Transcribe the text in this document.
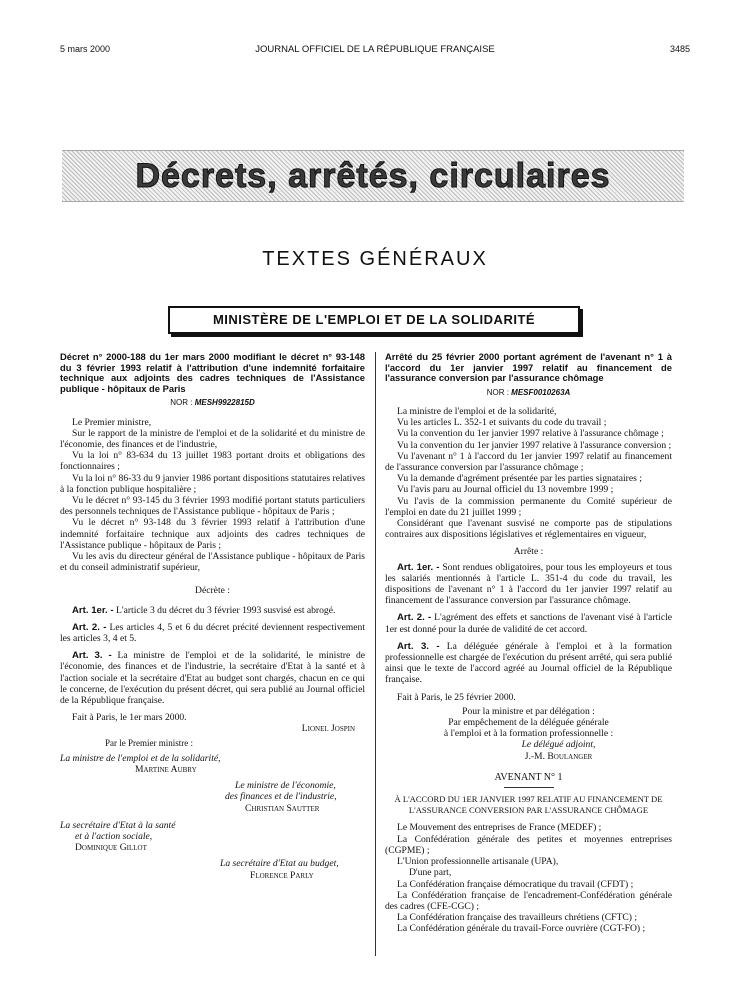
JOURNAL OFFICIEL DE LA RÉPUBLIQUE FRANÇAISE
5 mars 2000	3485
Décrets, arrêtés, circulaires
TEXTES GÉNÉRAUX
MINISTÈRE DE L'EMPLOI ET DE LA SOLIDARITÉ
Décret n° 2000-188 du 1er mars 2000 modifiant le décret n° 93-148 du 3 février 1993 relatif à l'attribution d'une indemnité forfaitaire technique aux adjoints des cadres techniques de l'Assistance publique - hôpitaux de Paris
NOR : MESH9922815D

Le Premier ministre,

Sur le rapport de la ministre de l'emploi et de la solidarité et du ministre de l'économie, des finances et de l'industrie,

Vu la loi n° 83-634 du 13 juillet 1983 portant droits et obligations des fonctionnaires ;

Vu la loi n° 86-33 du 9 janvier 1986 portant dispositions statutaires relatives à la fonction publique hospitalière ;

Vu le décret n° 93-145 du 3 février 1993 modifié portant statuts particuliers des personnels techniques de l'Assistance publique - hôpitaux de Paris ;

Vu le décret n° 93-148 du 3 février 1993 relatif à l'attribution d'une indemnité forfaitaire technique aux adjoints des cadres techniques de l'Assistance publique - hôpitaux de Paris ;

Vu les avis du directeur général de l'Assistance publique - hôpitaux de Paris et du conseil administratif supérieur,

Décrète :

Art. 1er. - L'article 3 du décret du 3 février 1993 susvisé est abrogé.

Art. 2. - Les articles 4, 5 et 6 du décret précité deviennent respectivement les articles 3, 4 et 5.

Art. 3. - La ministre de l'emploi et de la solidarité, le ministre de l'économie, des finances et de l'industrie, la secrétaire d'Etat à la santé et à l'action sociale et la secrétaire d'Etat au budget sont chargés, chacun en ce qui le concerne, de l'exécution du présent décret, qui sera publié au Journal officiel de la République française.

Fait à Paris, le 1er mars 2000.

Lionel Jospin

Par le Premier ministre :

La ministre de l'emploi et de la solidarité,

Martine Aubry

Le ministre de l'économie,

des finances et de l'industrie,

Christian Sautter

La secrétaire d'Etat à la santé

et à l'action sociale,

Dominique Gillot

La secrétaire d'Etat au budget,

Florence Parly

Arrêté du 25 février 2000 portant agrément de l'avenant n° 1 à l'accord du 1er janvier 1997 relatif au financement de l'assurance conversion par l'assurance chômage
NOR : MESF0010263A

La ministre de l'emploi et de la solidarité,

Vu les articles L. 352-1 et suivants du code du travail ;

Vu la convention du 1er janvier 1997 relative à l'assurance chômage ;

Vu la convention du 1er janvier 1997 relative à l'assurance conversion ;

Vu l'avenant n° 1 à l'accord du 1er janvier 1997 relatif au financement de l'assurance conversion par l'assurance chômage ;

Vu la demande d'agrément présentée par les parties signataires ;

Vu l'avis paru au Journal officiel du 13 novembre 1999 ;

Vu l'avis de la commission permanente du Comité supérieur de l'emploi en date du 21 juillet 1999 ;

Considérant que l'avenant susvisé ne comporte pas de stipulations contraires aux dispositions législatives et réglementaires en vigueur,

Arrête :

Art. 1er. - Sont rendues obligatoires, pour tous les employeurs et tous les salariés mentionnés à l'article L. 351-4 du code du travail, les dispositions de l'avenant n° 1 à l'accord du 1er janvier 1997 relatif au financement de l'assurance conversion par l'assurance chômage.

Art. 2. - L'agrément des effets et sanctions de l'avenant visé à l'article 1er est donné pour la durée de validité de cet accord.

Art. 3. - La déléguée générale à l'emploi et à la formation professionnelle est chargée de l'exécution du présent arrêté, qui sera publié ainsi que le texte de l'accord agréé au Journal officiel de la République française.

Fait à Paris, le 25 février 2000.

Pour la ministre et par délégation :

Par empêchement de la déléguée générale

à l'emploi et à la formation professionnelle :

Le délégué adjoint,

J.-M. Boulanger

AVENANT N° 1

À L'ACCORD DU 1ER JANVIER 1997 RELATIF AU FINANCEMENT DE L'ASSURANCE CONVERSION PAR L'ASSURANCE CHÔMAGE

Le Mouvement des entreprises de France (MEDEF) ;

La Confédération générale des petites et moyennes entreprises (CGPME) ;

L'Union professionnelle artisanale (UPA),

D'une part,

La Confédération française démocratique du travail (CFDT) ;

La Confédération française de l'encadrement-Confédération générale des cadres (CFE-CGC) ;

La Confédération française des travailleurs chrétiens (CFTC) ;

La Confédération générale du travail-Force ouvrière (CGT-FO) ;
